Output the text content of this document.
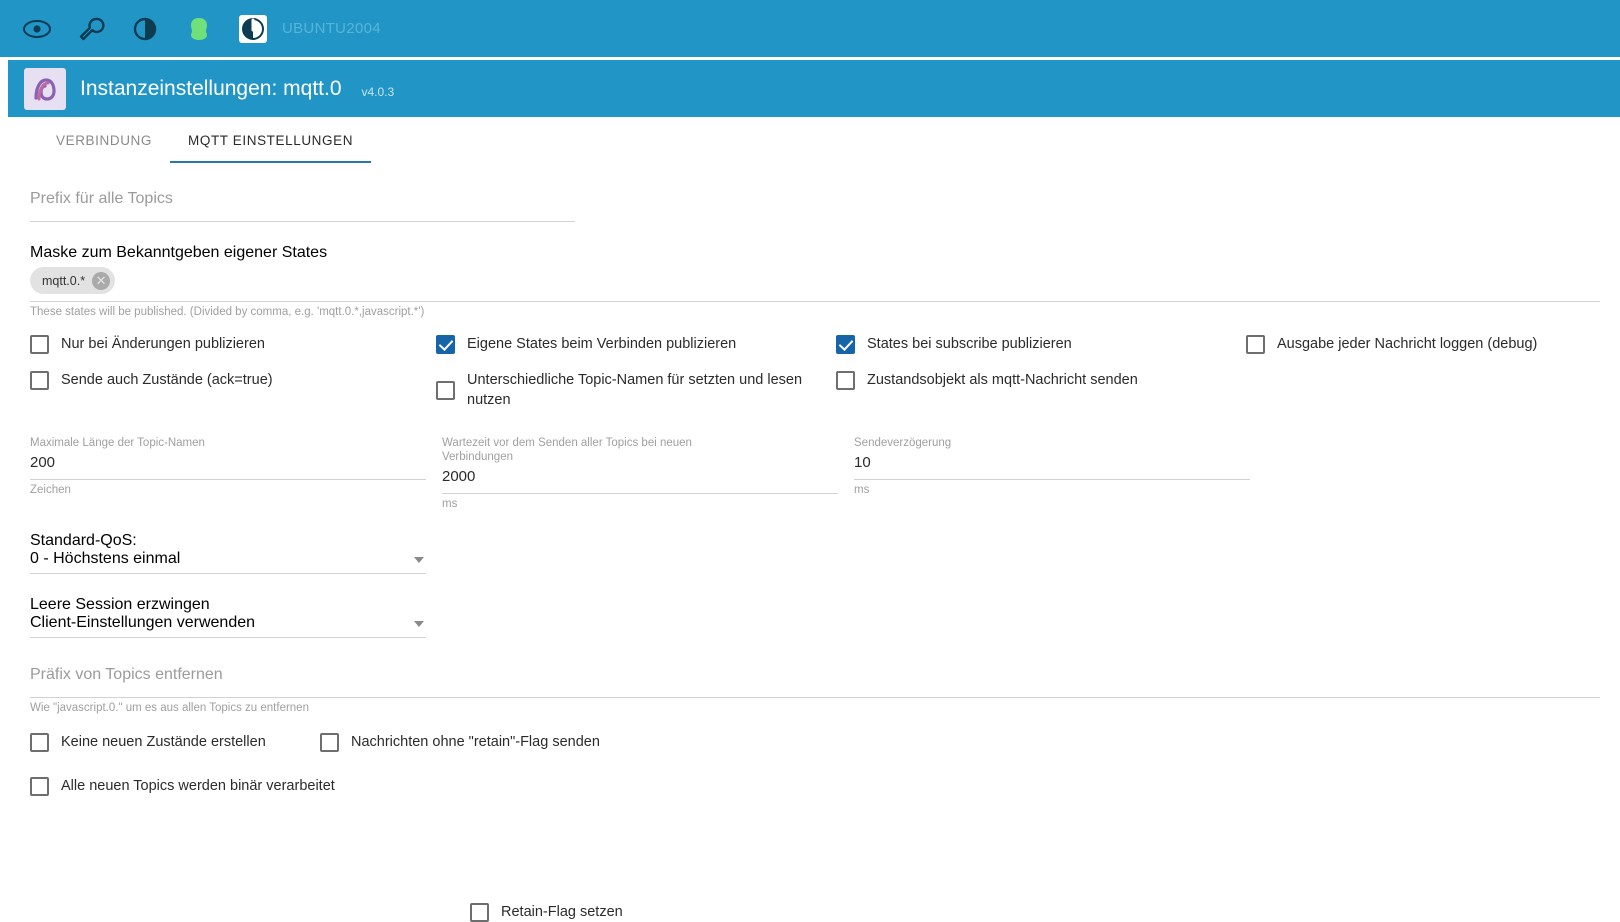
UBUNTU2004
Instanzeinstellungen: mqtt.0 v4.0.3
VERBINDUNG	MQTT EINSTELLUNGEN
Prefix für alle Topics
Maske zum Bekanntgeben eigener States
mqtt.0.* ✕
These states will be published. (Divided by comma, e.g. 'mqtt.0.*,javascript.*')
Nur bei Änderungen publizieren	Eigene States beim Verbinden publizieren	States bei subscribe publizieren	Ausgabe jeder Nachricht loggen (debug)
Sende auch Zustände (ack=true)	Unterschiedliche Topic-Namen für setzten und lesen nutzen
Zustandsobjekt als mqtt-Nachricht senden
Maximale Länge der Topic-Namen
200
Zeichen
Wartezeit vor dem Senden aller Topics bei neuen Verbindungen
2000
ms
Sendeverzögerung
10
ms
Standard-QoS:
0 - Höchstens einmal
Leere Session erzwingen
Client-Einstellungen verwenden
Retain-Flag setzen
Präfix von Topics entfernen
Wie "javascript.0." um es aus allen Topics zu entfernen
Keine neuen Zustände erstellen	Nachrichten ohne "retain"-Flag senden
Alle neuen Topics werden binär verarbeitet
